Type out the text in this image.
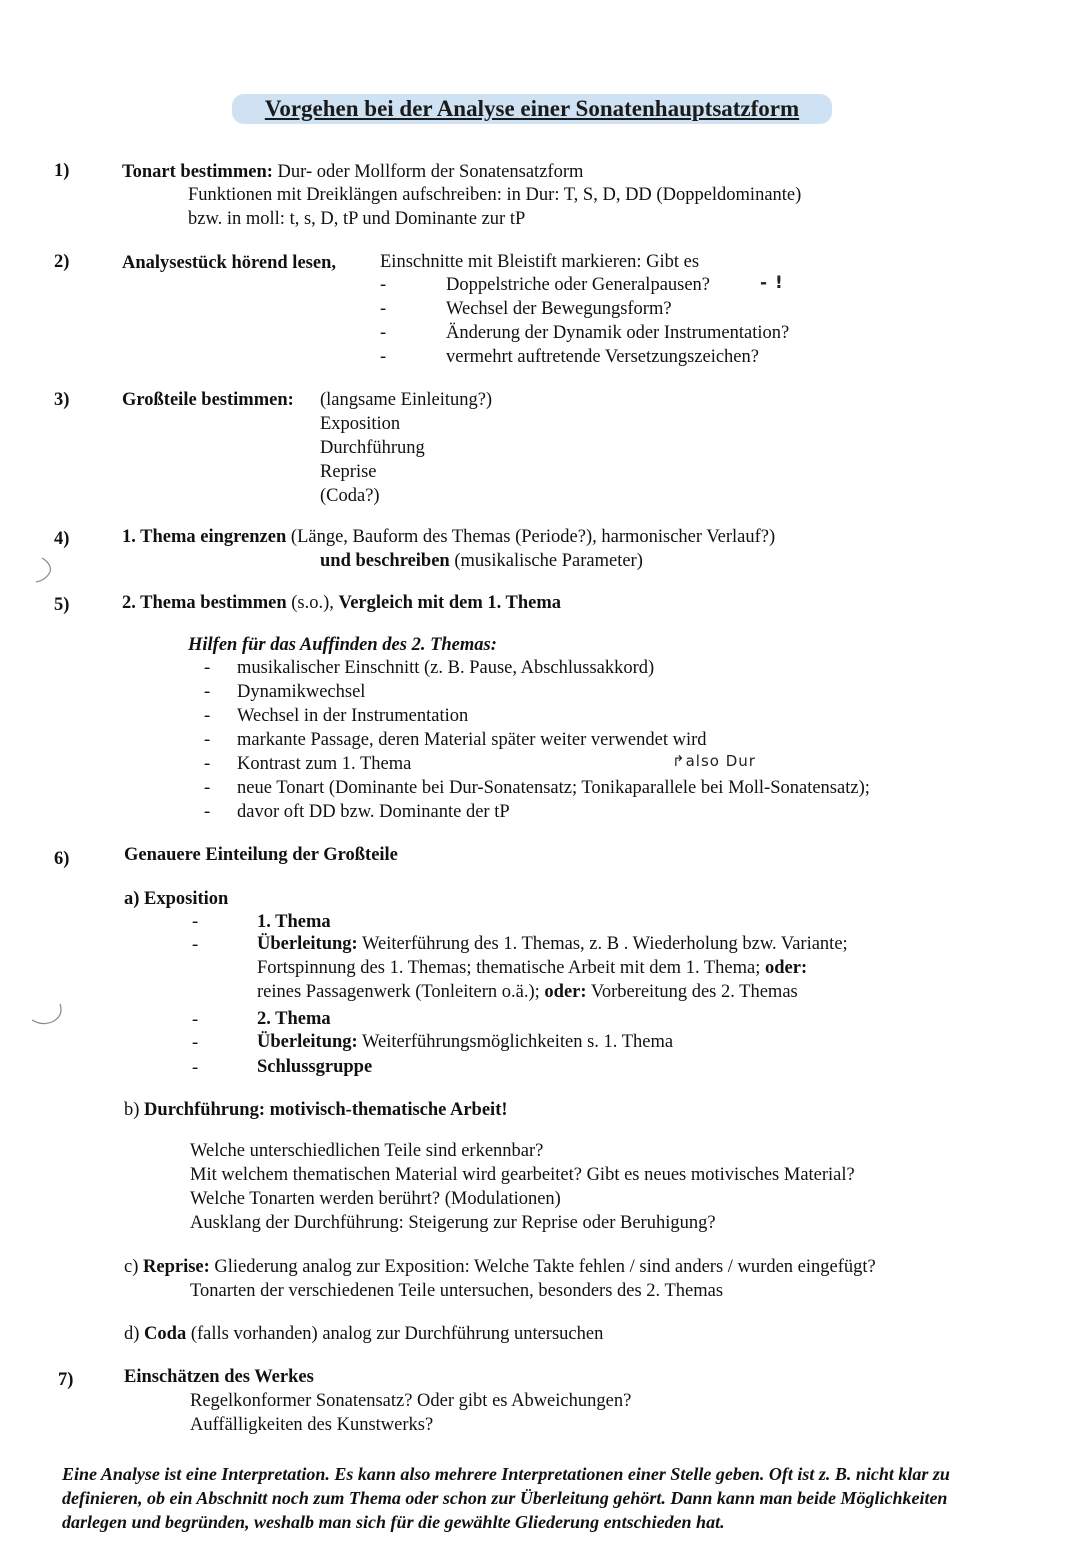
Vorgehen bei der Analyse einer Sonatenhauptsatzform
1)	Tonart bestimmen: Dur- oder Mollform der Sonatensatzform
Funktionen mit Dreiklängen aufschreiben: in Dur: T, S, D, DD (Doppeldominante)
bzw. in moll: t, s, D, tP und Dominante zur tP
2)	Analysestück hörend lesen, Einschnitte mit Bleistift markieren: Gibt es
-
Doppelstriche oder Generalpausen?	- !
-
Wechsel der Bewegungsform?
-
Änderung der Dynamik oder Instrumentation?
-
vermehrt auftretende Versetzungszeichen?
3)	Großteile bestimmen: (langsame Einleitung?)
Exposition
Durchführung
Reprise
(Coda?)
4)	1. Thema eingrenzen (Länge, Bauform des Themas (Periode?), harmonischer Verlauf?)
und beschreiben (musikalische Parameter)
5)	2. Thema bestimmen (s.o.), Vergleich mit dem 1. Thema
Hilfen für das Auffinden des 2. Themas:
-
musikalischer Einschnitt (z. B. Pause, Abschlussakkord)
-
Dynamikwechsel
-
Wechsel in der Instrumentation
-
markante Passage, deren Material später weiter verwendet wird
-
Kontrast zum 1. Thema	↱also Dur
-
neue Tonart (Dominante bei Dur-Sonatensatz; Tonikaparallele bei Moll-Sonatensatz);
-
davor oft DD bzw. Dominante der tP
6)	Genauere Einteilung der Großteile
a) Exposition
-
1. Thema
-
Überleitung: Weiterführung des 1. Themas, z. B . Wiederholung bzw. Variante;
Fortspinnung des 1. Themas; thematische Arbeit mit dem 1. Thema; oder:
reines Passagenwerk (Tonleitern o.ä.); oder: Vorbereitung des 2. Themas
-
2. Thema
-
Überleitung: Weiterführungsmöglichkeiten s. 1. Thema
-
Schlussgruppe
b) Durchführung: motivisch-thematische Arbeit!
Welche unterschiedlichen Teile sind erkennbar?
Mit welchem thematischen Material wird gearbeitet? Gibt es neues motivisches Material?
Welche Tonarten werden berührt? (Modulationen)
Ausklang der Durchführung: Steigerung zur Reprise oder Beruhigung?
c) Reprise: Gliederung analog zur Exposition: Welche Takte fehlen / sind anders / wurden eingefügt?
Tonarten der verschiedenen Teile untersuchen, besonders des 2. Themas
d) Coda (falls vorhanden) analog zur Durchführung untersuchen
7)	Einschätzen des Werkes
Regelkonformer Sonatensatz? Oder gibt es Abweichungen?
Auffälligkeiten des Kunstwerks?
Eine Analyse ist eine Interpretation. Es kann also mehrere Interpretationen einer Stelle geben. Oft ist z. B. nicht klar zu definieren, ob ein Abschnitt noch zum Thema oder schon zur Überleitung gehört. Dann kann man beide Möglichkeiten darlegen und begründen, weshalb man sich für die gewählte Gliederung entschieden hat.
